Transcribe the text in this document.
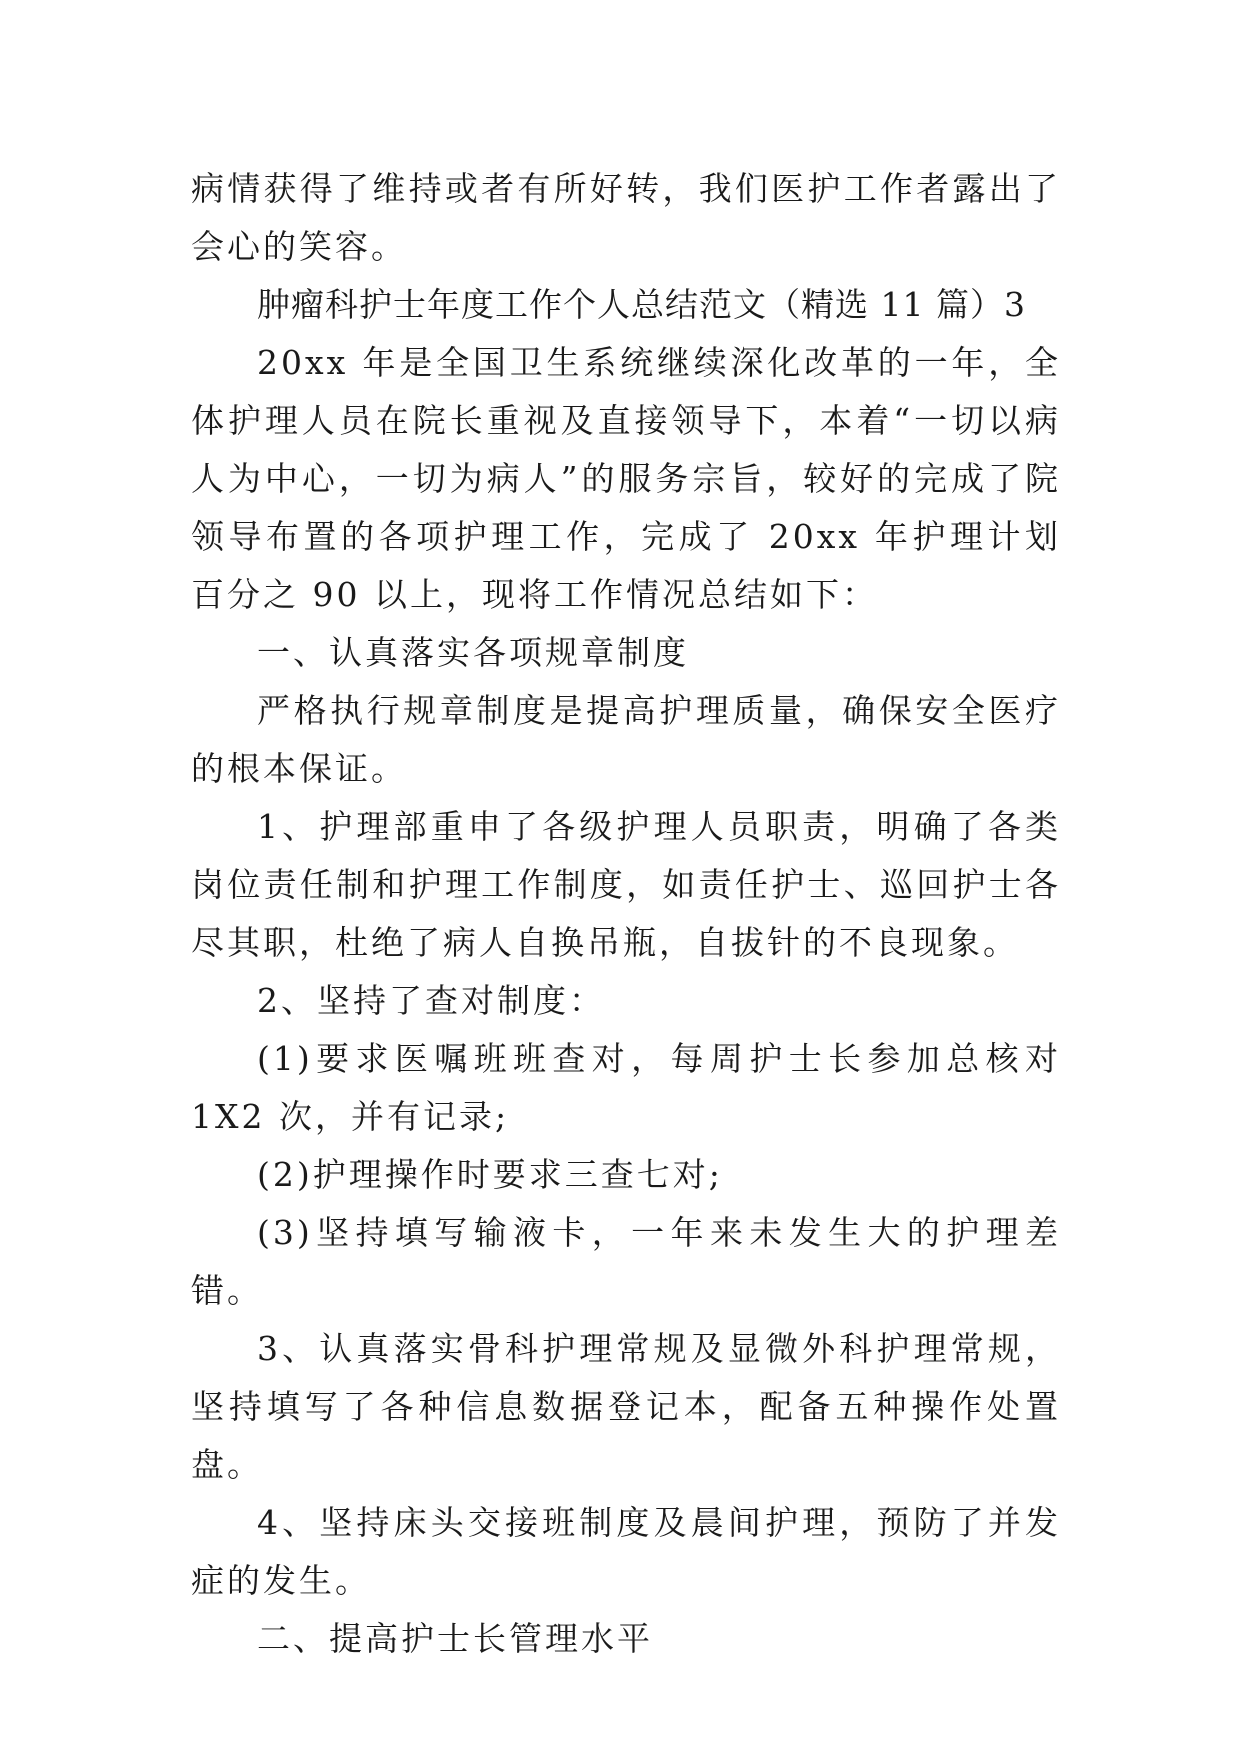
病情获得了维持或者有所好转，我们医护工作者露出了会心的笑容。

肿瘤科护士年度工作个人总结范文（精选 11 篇）3

20xx 年是全国卫生系统继续深化改革的一年，全体护理人员在院长重视及直接领导下，本着“一切以病人为中心，一切为病人”的服务宗旨，较好的完成了院领导布置的各项护理工作，完成了 20xx 年护理计划百分之 90 以上，现将工作情况总结如下：

一、认真落实各项规章制度

严格执行规章制度是提高护理质量，确保安全医疗的根本保证。

1、护理部重申了各级护理人员职责，明确了各类岗位责任制和护理工作制度，如责任护士、巡回护士各尽其职，杜绝了病人自换吊瓶，自拔针的不良现象。

2、坚持了查对制度：

(1)要求医嘱班班查对，每周护士长参加总核对 1X2 次，并有记录;

(2)护理操作时要求三查七对;

(3)坚持填写输液卡，一年来未发生大的护理差错。

3、认真落实骨科护理常规及显微外科护理常规，坚持填写了各种信息数据登记本，配备五种操作处置盘。

4、坚持床头交接班制度及晨间护理，预防了并发症的发生。

二、提高护士长管理水平
